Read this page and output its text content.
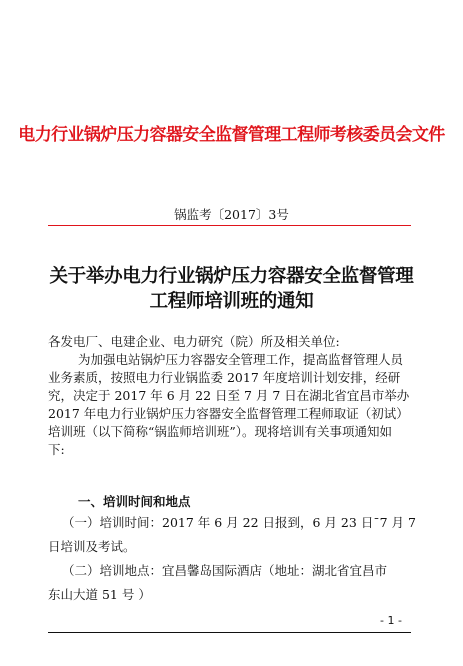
电力行业锅炉压力容器安全监督管理工程师考核委员会文件
锅监考〔2017〕3号
关于举办电力行业锅炉压力容器安全监督管理
工程师培训班的通知
各发电厂、电建企业、电力研究（院）所及相关单位:
为加强电站锅炉压力容器安全管理工作，提高监督管理人员
业务素质，按照电力行业锅监委 2017 年度培训计划安排，经研
究，决定于 2017 年 6 月 22 日至 7 月 7 日在湖北省宜昌市举办
2017 年电力行业锅炉压力容器安全监督管理工程师取证（初试）
培训班（以下简称“锅监师培训班”）。现将培训有关事项通知如
下:
一、培训时间和地点
（一）培训时间：2017 年 6 月 22 日报到，6 月 23 日¯7 月 7
日培训及考试。
（二）培训地点：宜昌馨岛国际酒店（地址：湖北省宜昌市
东山大道 51 号 ）
- 1 -
